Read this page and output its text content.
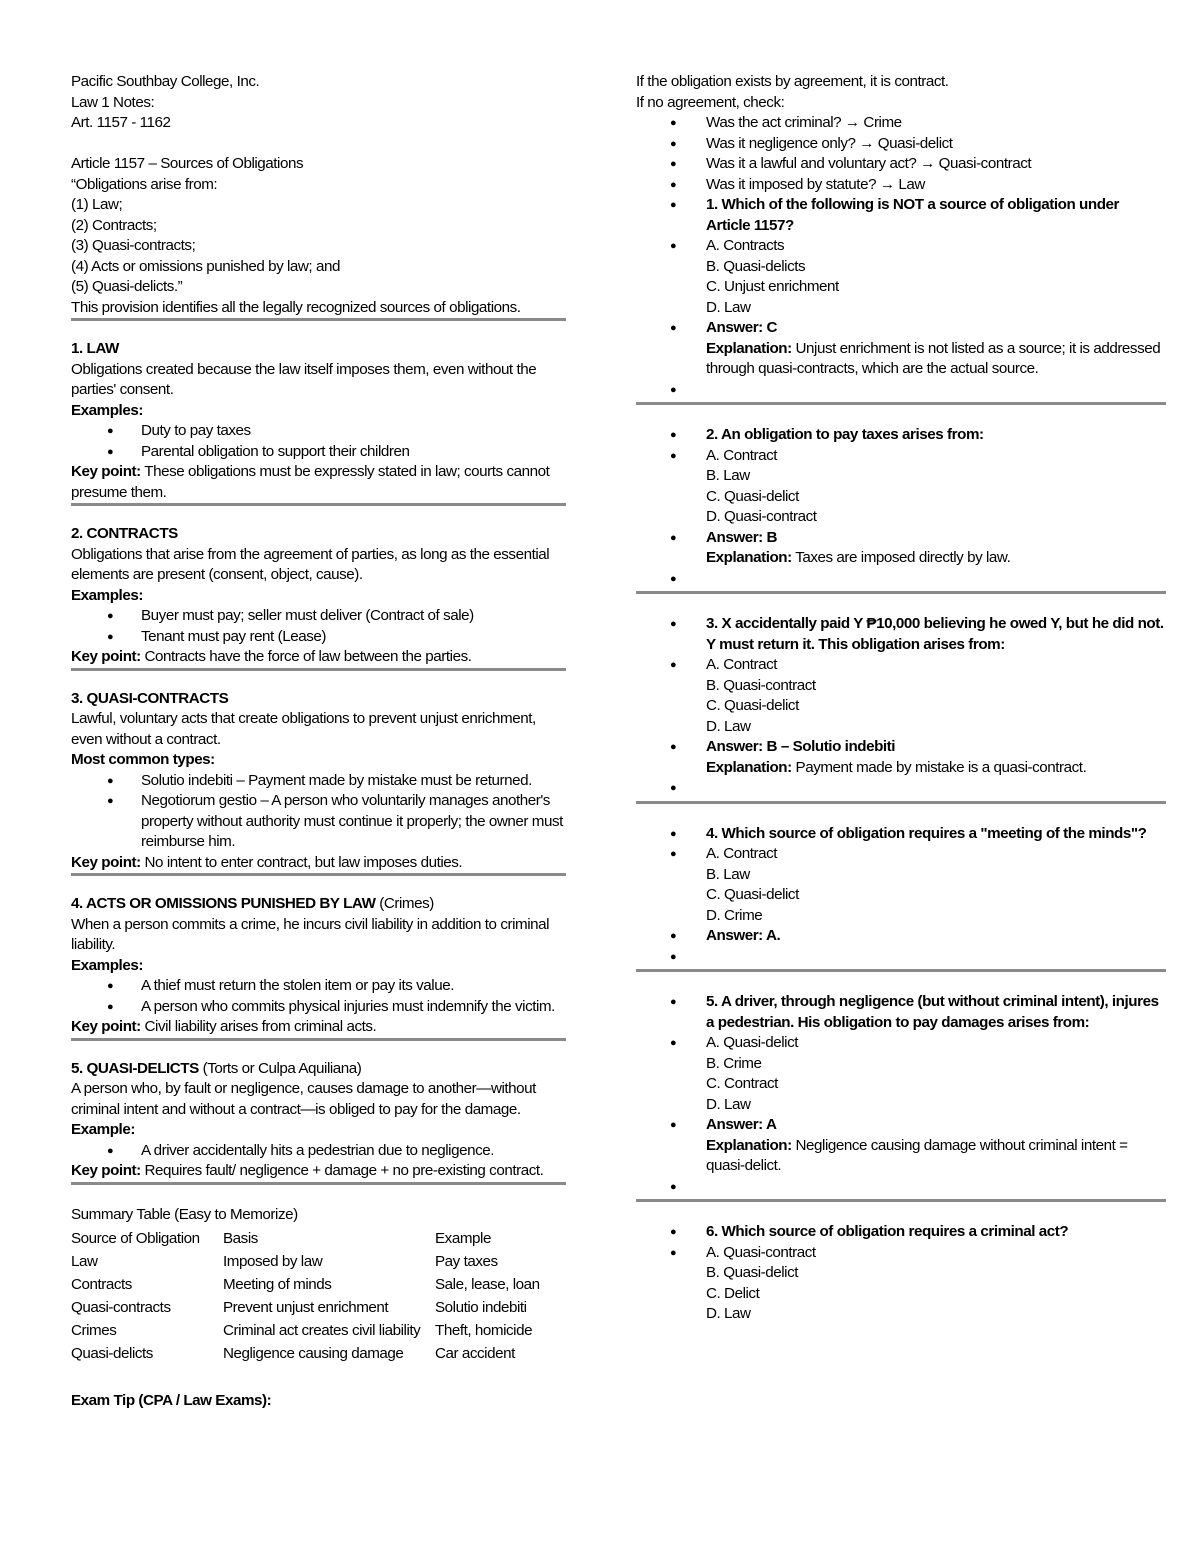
Pacific Southbay College, Inc.

Law 1 Notes:

Art. 1157 - 1162

Article 1157 – Sources of Obligations

“Obligations arise from:

(1) Law;

(2) Contracts;

(3) Quasi-contracts;

(4) Acts or omissions punished by law; and

(5) Quasi-delicts.”

This provision identifies all the legally recognized sources of obligations.

1. LAW

Obligations created because the law itself imposes them, even without the parties' consent.

Examples:

● Duty to pay taxes
● Parental obligation to support their children

Key point: These obligations must be expressly stated in law; courts cannot presume them.

2. CONTRACTS

Obligations that arise from the agreement of parties, as long as the essential elements are present (consent, object, cause).

Examples:

● Buyer must pay; seller must deliver (Contract of sale)
● Tenant must pay rent (Lease)

Key point: Contracts have the force of law between the parties.

3. QUASI-CONTRACTS

Lawful, voluntary acts that create obligations to prevent unjust enrichment, even without a contract.

Most common types:

● Solutio indebiti – Payment made by mistake must be returned.
● Negotiorum gestio – A person who voluntarily manages another's property without authority must continue it properly; the owner must reimburse him.

Key point: No intent to enter contract, but law imposes duties.

4. ACTS OR OMISSIONS PUNISHED BY LAW (Crimes)

When a person commits a crime, he incurs civil liability in addition to criminal liability.

Examples:

● A thief must return the stolen item or pay its value.
● A person who commits physical injuries must indemnify the victim.

Key point: Civil liability arises from criminal acts.

5. QUASI-DELICTS (Torts or Culpa Aquiliana)

A person who, by fault or negligence, causes damage to another—without criminal intent and without a contract—is obliged to pay for the damage.

Example:

● A driver accidentally hits a pedestrian due to negligence.

Key point: Requires fault/ negligence + damage + no pre-existing contract.

Summary Table (Easy to Memorize)

Source of Obligation	Basis	Example
Law	Imposed by law	Pay taxes
Contracts	Meeting of minds	Sale, lease, loan
Quasi-contracts	Prevent unjust enrichment	Solutio indebiti
Crimes	Criminal act creates civil liability	Theft, homicide
Quasi-delicts	Negligence causing damage	Car accident

Exam Tip (CPA / Law Exams):

If the obligation exists by agreement, it is contract.

If no agreement, check:

● Was the act criminal? → Crime
● Was it negligence only? → Quasi-delict
● Was it a lawful and voluntary act? → Quasi-contract
● Was it imposed by statute? → Law
● 1. Which of the following is NOT a source of obligation under Article 1157?
● A. Contracts
B. Quasi-delicts
C. Unjust enrichment
D. Law
● Answer: C
Explanation: Unjust enrichment is not listed as a source; it is addressed through quasi-contracts, which are the actual source.
●
● 2. An obligation to pay taxes arises from:
● A. Contract
B. Law
C. Quasi-delict
D. Quasi-contract
● Answer: B
Explanation: Taxes are imposed directly by law.
●
● 3. X accidentally paid Y ₱10,000 believing he owed Y, but he did not. Y must return it. This obligation arises from:
● A. Contract
B. Quasi-contract
C. Quasi-delict
D. Law
● Answer: B – Solutio indebiti
Explanation: Payment made by mistake is a quasi-contract.
●
● 4. Which source of obligation requires a "meeting of the minds"?
● A. Contract
B. Law
C. Quasi-delict
D. Crime
● Answer: A.
●
● 5. A driver, through negligence (but without criminal intent), injures a pedestrian. His obligation to pay damages arises from:
● A. Quasi-delict
B. Crime
C. Contract
D. Law
● Answer: A
Explanation: Negligence causing damage without criminal intent = quasi-delict.
●
● 6. Which source of obligation requires a criminal act?
● A. Quasi-contract
B. Quasi-delict
C. Delict
D. Law
